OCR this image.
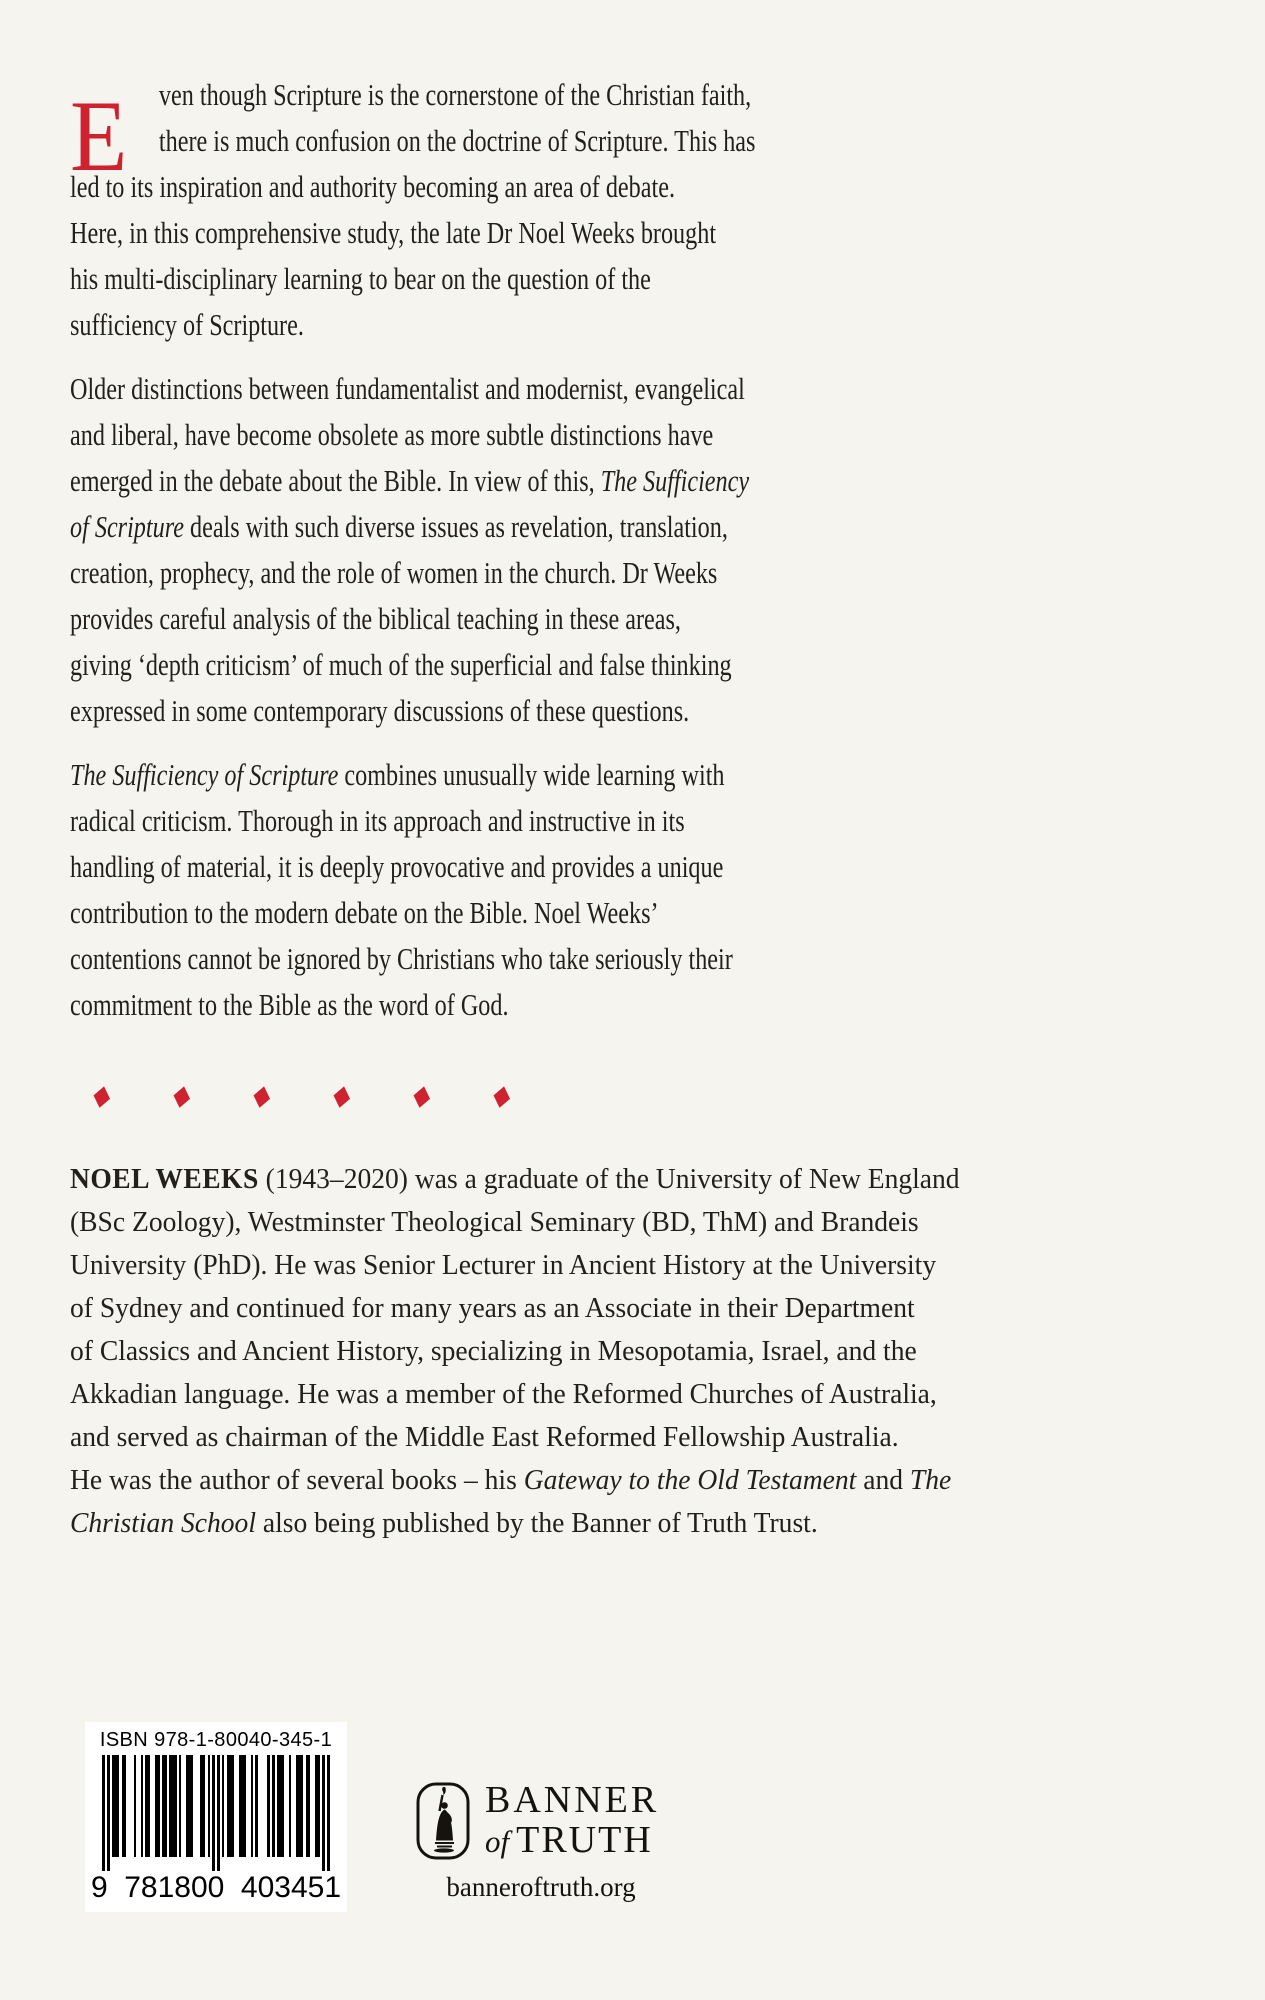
E	ven though Scripture is the cornerstone of the Christian faith,
there is much confusion on the doctrine of Scripture. This has
led to its inspiration and authority becoming an area of debate.
Here, in this comprehensive study, the late Dr Noel Weeks brought
his multi-disciplinary learning to bear on the question of the
sufficiency of Scripture.
Older distinctions between fundamentalist and modernist, evangelical
and liberal, have become obsolete as more subtle distinctions have
emerged in the debate about the Bible. In view of this, The Sufficiency
of Scripture deals with such diverse issues as revelation, translation,
creation, prophecy, and the role of women in the church. Dr Weeks
provides careful analysis of the biblical teaching in these areas,
giving ‘depth criticism’ of much of the superficial and false thinking
expressed in some contemporary discussions of these questions.
The Sufficiency of Scripture combines unusually wide learning with
radical criticism. Thorough in its approach and instructive in its
handling of material, it is deeply provocative and provides a unique
contribution to the modern debate on the Bible. Noel Weeks’
contentions cannot be ignored by Christians who take seriously their
commitment to the Bible as the word of God.
♦ ♦ ♦ ♦ ♦ ♦
NOEL WEEKS (1943–2020) was a graduate of the University of New England
(BSc Zoology), Westminster Theological Seminary (BD, ThM) and Brandeis
University (PhD). He was Senior Lecturer in Ancient History at the University
of Sydney and continued for many years as an Associate in their Department
of Classics and Ancient History, specializing in Mesopotamia, Israel, and the
Akkadian language. He was a member of the Reformed Churches of Australia,
and served as chairman of the Middle East Reformed Fellowship Australia.
He was the author of several books – his Gateway to the Old Testament and The
Christian School also being published by the Banner of Truth Trust.
ISBN 978-1-80040-345-1
9 781800 403451
BANNER
of TRUTH
banneroftruth.org
